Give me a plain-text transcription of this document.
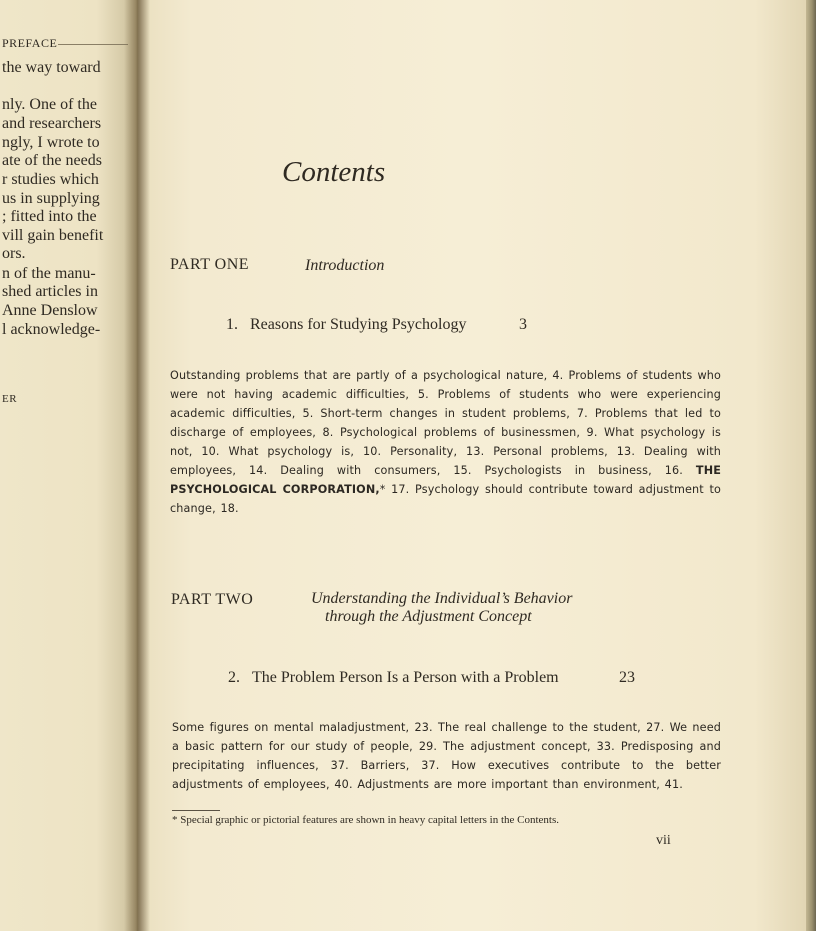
PREFACE
the way toward
nly. One of the
and researchers
ngly, I wrote to
ate of the needs
r studies which
us in supplying
; fitted into the
vill gain benefit
ors.
n of the manu-
shed articles in
Anne Denslow
l acknowledge-
ER
Contents
PART ONE	Introduction
1. Reasons for Studying Psychology	3
Outstanding problems that are partly of a psychological nature, 4. Problems of students who were not having academic difficulties, 5. Problems of students who were experiencing academic difficulties, 5. Short-term changes in student problems, 7. Problems that led to discharge of employees, 8. Psychological problems of businessmen, 9. What psychology is not, 10. What psychology is, 10. Personality, 13. Personal problems, 13. Dealing with employees, 14. Dealing with consumers, 15. Psychologists in business, 16. THE PSYCHOLOGICAL CORPORATION,* 17. Psychology should contribute toward adjustment to change, 18.
PART TWO	Understanding the Individual’s Behavior
through the Adjustment Concept
2. The Problem Person Is a Person with a Problem	23
Some figures on mental maladjustment, 23. The real challenge to the student, 27. We need a basic pattern for our study of people, 29. The adjustment concept, 33. Predisposing and precipitating influences, 37. Barriers, 37. How executives contribute to the better adjustments of employees, 40. Adjustments are more important than environment, 41.
* Special graphic or pictorial features are shown in heavy capital letters in the Contents.
vii
